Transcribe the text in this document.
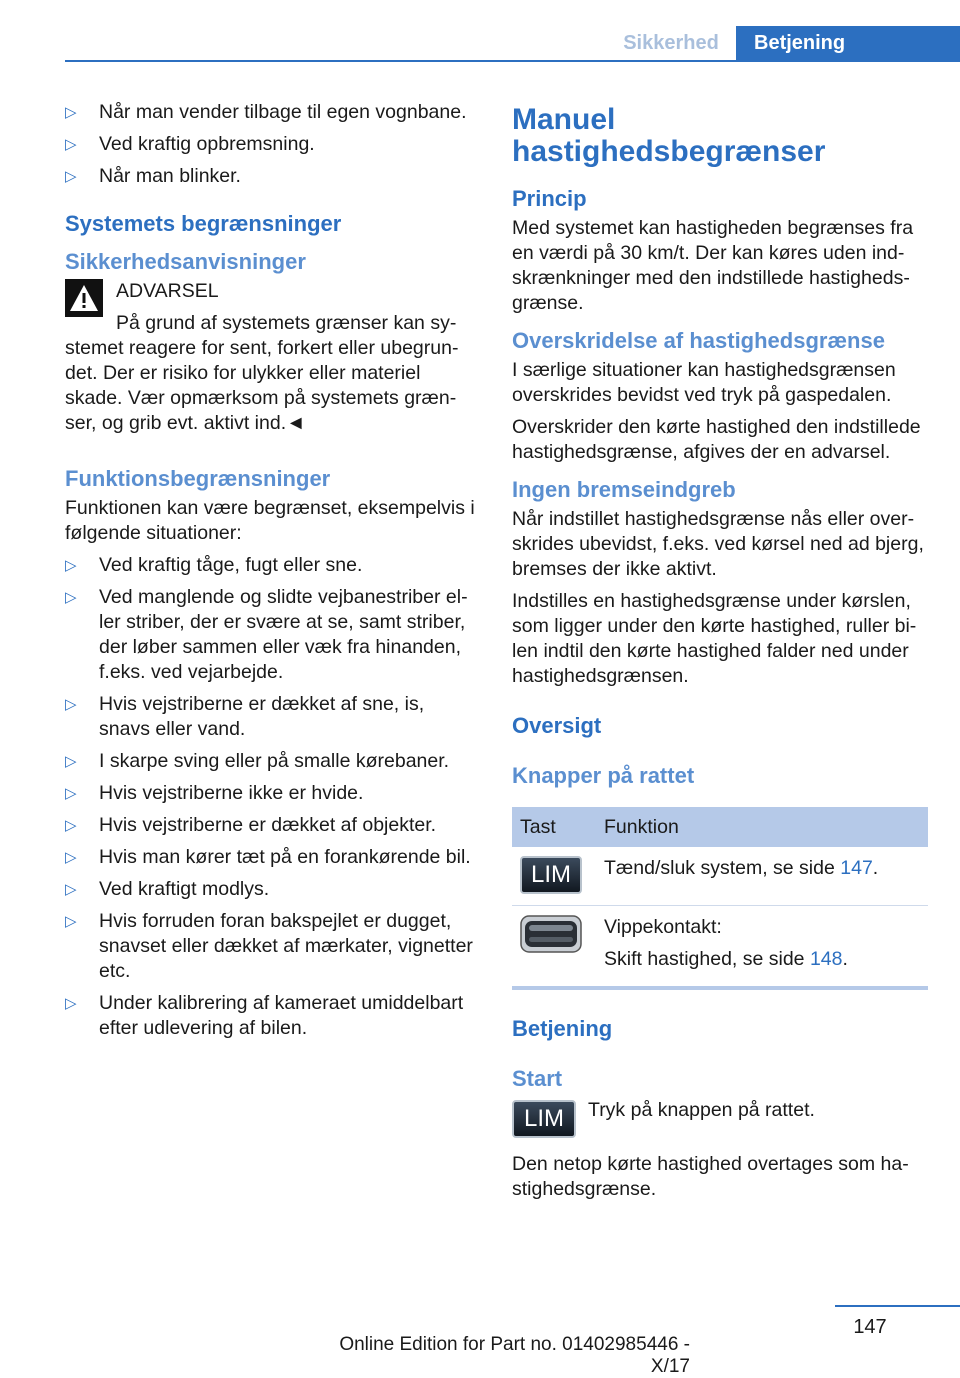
Sikkerhed	Betjening
▷ Når man vender tilbage til egen vognbane.
▷ Ved kraftig opbremsning.
▷ Når man blinker.
Systemets begrænsninger
Sikkerhedsanvisninger
ADVARSEL
På grund af systemets grænser kan systemet reagere for sent, forkert eller ubegrundet. Der er risiko for ulykker eller materiel skade. Vær opmærksom på systemets grænser, og grib evt. aktivt ind.◄
Funktionsbegrænsninger
Funktionen kan være begrænset, eksempelvis i følgende situationer:
▷ Ved kraftig tåge, fugt eller sne.
▷ Ved manglende og slidte vejbanestriber eller striber, der er svære at se, samt striber, der løber sammen eller væk fra hinanden, f.eks. ved vejarbejde.
▷ Hvis vejstriberne er dækket af sne, is, snavs eller vand.
▷ I skarpe sving eller på smalle kørebaner.
▷ Hvis vejstriberne ikke er hvide.
▷ Hvis vejstriberne er dækket af objekter.
▷ Hvis man kører tæt på en forankørende bil.
▷ Ved kraftigt modlys.
▷ Hvis forruden foran bakspejlet er dugget, snavset eller dækket af mærkater, vignetter etc.
▷ Under kalibrering af kameraet umiddelbart efter udlevering af bilen.
Manuel hastighedsbegrænser
Princip
Med systemet kan hastigheden begrænses fra en værdi på 30 km/t. Der kan køres uden indskrænkninger med den indstillede hastighedsgrænse.
Overskridelse af hastighedsgrænse
I særlige situationer kan hastighedsgrænsen overskrides bevidst ved tryk på gaspedalen.
Overskrider den kørte hastighed den indstillede hastighedsgrænse, afgives der en advarsel.
Ingen bremseindgreb
Når indstillet hastighedsgrænse nås eller overskrides ubevidst, f.eks. ved kørsel ned ad bjerg, bremses der ikke aktivt.
Indstilles en hastighedsgrænse under kørslen, som ligger under den kørte hastighed, ruller bilen indtil den kørte hastighed falder ned under hastighedsgrænsen.
Oversigt
Knapper på rattet
Tast	Funktion
LIM	Tænd/sluk system, se side 147.

Vippekontakt:
Skift hastighed, se side 148.
Betjening
Start
LIM	Tryk på knappen på rattet.
Den netop kørte hastighed overtages som hastighedsgrænse.
147
Online Edition for Part no. 01402985446 - X/17
